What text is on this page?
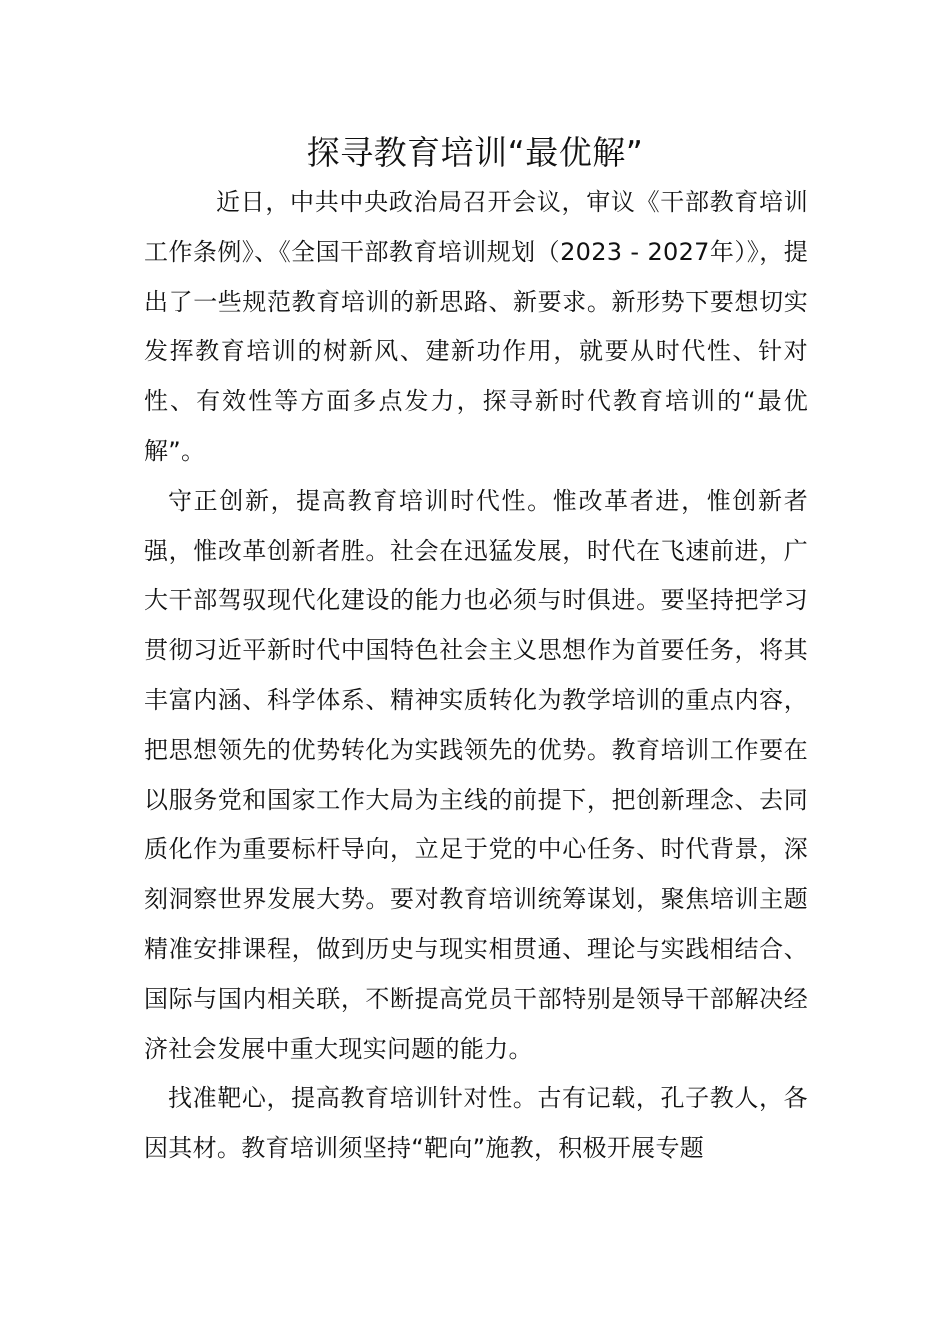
探寻教育培训“最优解”

近日，中共中央政治局召开会议，审议《干部教育培训工作条例》、《全国干部教育培训规划（2023 - 2027年）》，提出了一些规范教育培训的新思路、新要求。新形势下要想切实发挥教育培训的树新风、建新功作用，就要从时代性、针对性、有效性等方面多点发力，探寻新时代教育培训的“最优解”。

守正创新，提高教育培训时代性。惟改革者进，惟创新者强，惟改革创新者胜。社会在迅猛发展，时代在飞速前进，广大干部驾驭现代化建设的能力也必须与时俱进。要坚持把学习贯彻习近平新时代中国特色社会主义思想作为首要任务，将其丰富内涵、科学体系、精神实质转化为教学培训的重点内容，把思想领先的优势转化为实践领先的优势。教育培训工作要在以服务党和国家工作大局为主线的前提下，把创新理念、去同质化作为重要标杆导向，立足于党的中心任务、时代背景，深刻洞察世界发展大势。要对教育培训统筹谋划，聚焦培训主题精准安排课程，做到历史与现实相贯通、理论与实践相结合、国际与国内相关联，不断提高党员干部特别是领导干部解决经济社会发展中重大现实问题的能力。

找准靶心，提高教育培训针对性。古有记载，孔子教人，各因其材。教育培训须坚持“靶向”施教，积极开展专题
